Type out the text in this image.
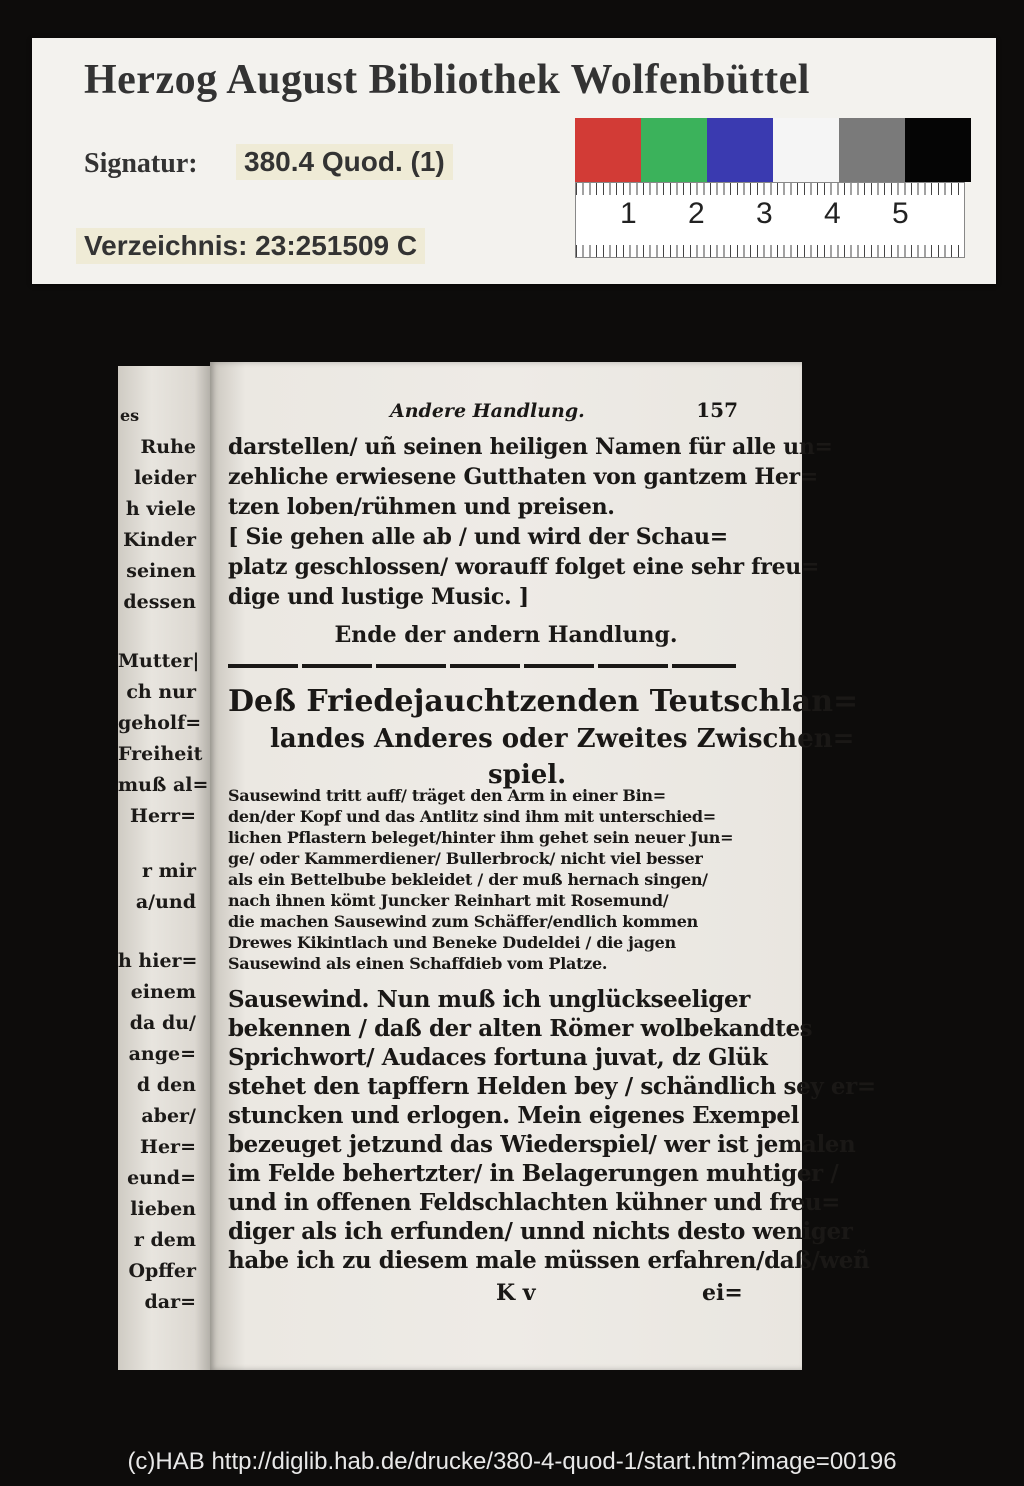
Herzog August Bibliothek Wolfenbüttel
Signatur: 380.4 Quod. (1)
Verzeichnis: 23:251509 C
1	2	3	4	5
es
Ruhe
leider
h viele
Kinder
seinen
dessen
Mutter|
ch nur
geholf=
Freiheit
muß al=
Herr=
r mir
a/und
h hier=
einem
da du/
ange=
d den
aber/
Her=
eund=
lieben
r dem
Opffer
dar=
Andere Handlung.	157
darstellen/ uñ seinen heiligen Namen für alle un=
zehliche erwiesene Gutthaten von gantzem Her=
tzen loben/rühmen und preisen.
[ Sie gehen alle ab / und wird der Schau=
platz geschlossen/ worauff folget eine sehr freu=
dige und lustige Music. ]
Ende der andern Handlung.
Deß Friedejauchtzenden Teutschlan=
landes Anderes oder Zweites Zwischen=
spiel.
Sausewind tritt auff/ träget den Arm in einer Bin=
den/der Kopf und das Antlitz sind ihm mit unterschied=
lichen Pflastern beleget/hinter ihm gehet sein neuer Jun=
ge/ oder Kammerdiener/ Bullerbrock/ nicht viel besser
als ein Bettelbube bekleidet / der muß hernach singen/
nach ihnen kömt Juncker Reinhart mit Rosemund/
die machen Sausewind zum Schäffer/endlich kommen
Drewes Kikintlach und Beneke Dudeldei / die jagen
Sausewind als einen Schaffdieb vom Platze.
Sausewind. Nun muß ich unglückseeliger
bekennen / daß der alten Römer wolbekandtes
Sprichwort/ Audaces fortuna juvat, dz Glük
stehet den tapffern Helden bey / schändlich sey er=
stuncken und erlogen. Mein eigenes Exempel
bezeuget jetzund das Wiederspiel/ wer ist jemalen
im Felde behertzter/ in Belagerungen muhtiger /
und in offenen Feldschlachten kühner und freu=
diger als ich erfunden/ unnd nichts desto weniger
habe ich zu diesem male müssen erfahren/daß/weñ
K v	ei=
(c)HAB http://diglib.hab.de/drucke/380-4-quod-1/start.htm?image=00196
